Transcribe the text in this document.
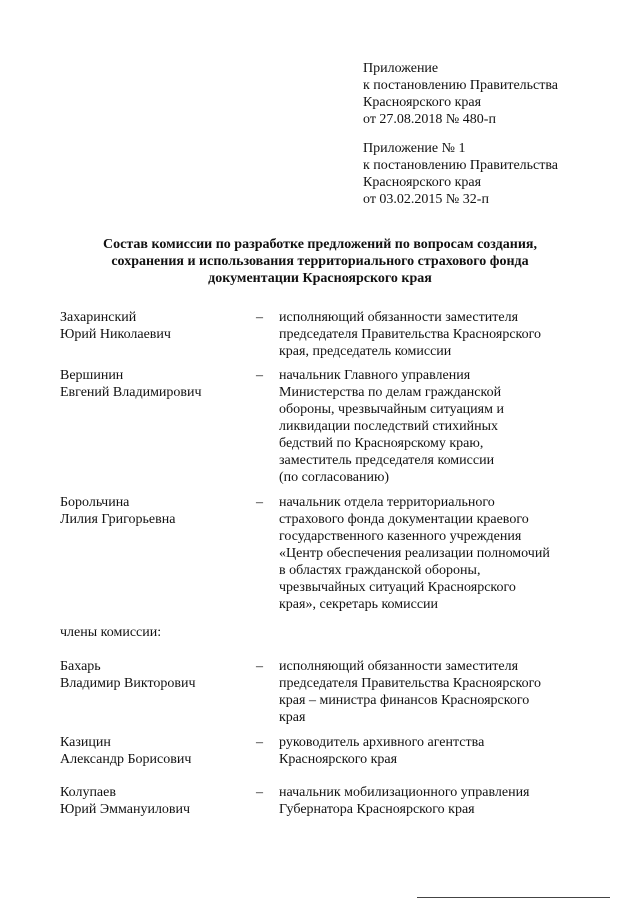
Приложение
к постановлению Правительства
Красноярского края
от 27.08.2018 № 480-п
Приложение № 1
к постановлению Правительства
Красноярского края
от 03.02.2015 № 32-п
Состав комиссии по разработке предложений по вопросам создания,
сохранения и использования территориального страхового фонда
документации Красноярского края
Захаринский
Юрий Николаевич
– исполняющий обязанности заместителя
председателя Правительства Красноярского
края, председатель комиссии
Вершинин
Евгений Владимирович
– начальник Главного управления
Министерства по делам гражданской
обороны, чрезвычайным ситуациям и
ликвидации последствий стихийных
бедствий по Красноярскому краю,
заместитель председателя комиссии
(по согласованию)
Борольчина
Лилия Григорьевна
– начальник отдела территориального
страхового фонда документации краевого
государственного казенного учреждения
«Центр обеспечения реализации полномочий
в областях гражданской обороны,
чрезвычайных ситуаций Красноярского
края», секретарь комиссии
члены комиссии:
Бахарь
Владимир Викторович
– исполняющий обязанности заместителя
председателя Правительства Красноярского
края – министра финансов Красноярского
края
Казицин
Александр Борисович
– руководитель архивного агентства
Красноярского края
Колупаев
Юрий Эммануилович
– начальник мобилизационного управления
Губернатора Красноярского края
